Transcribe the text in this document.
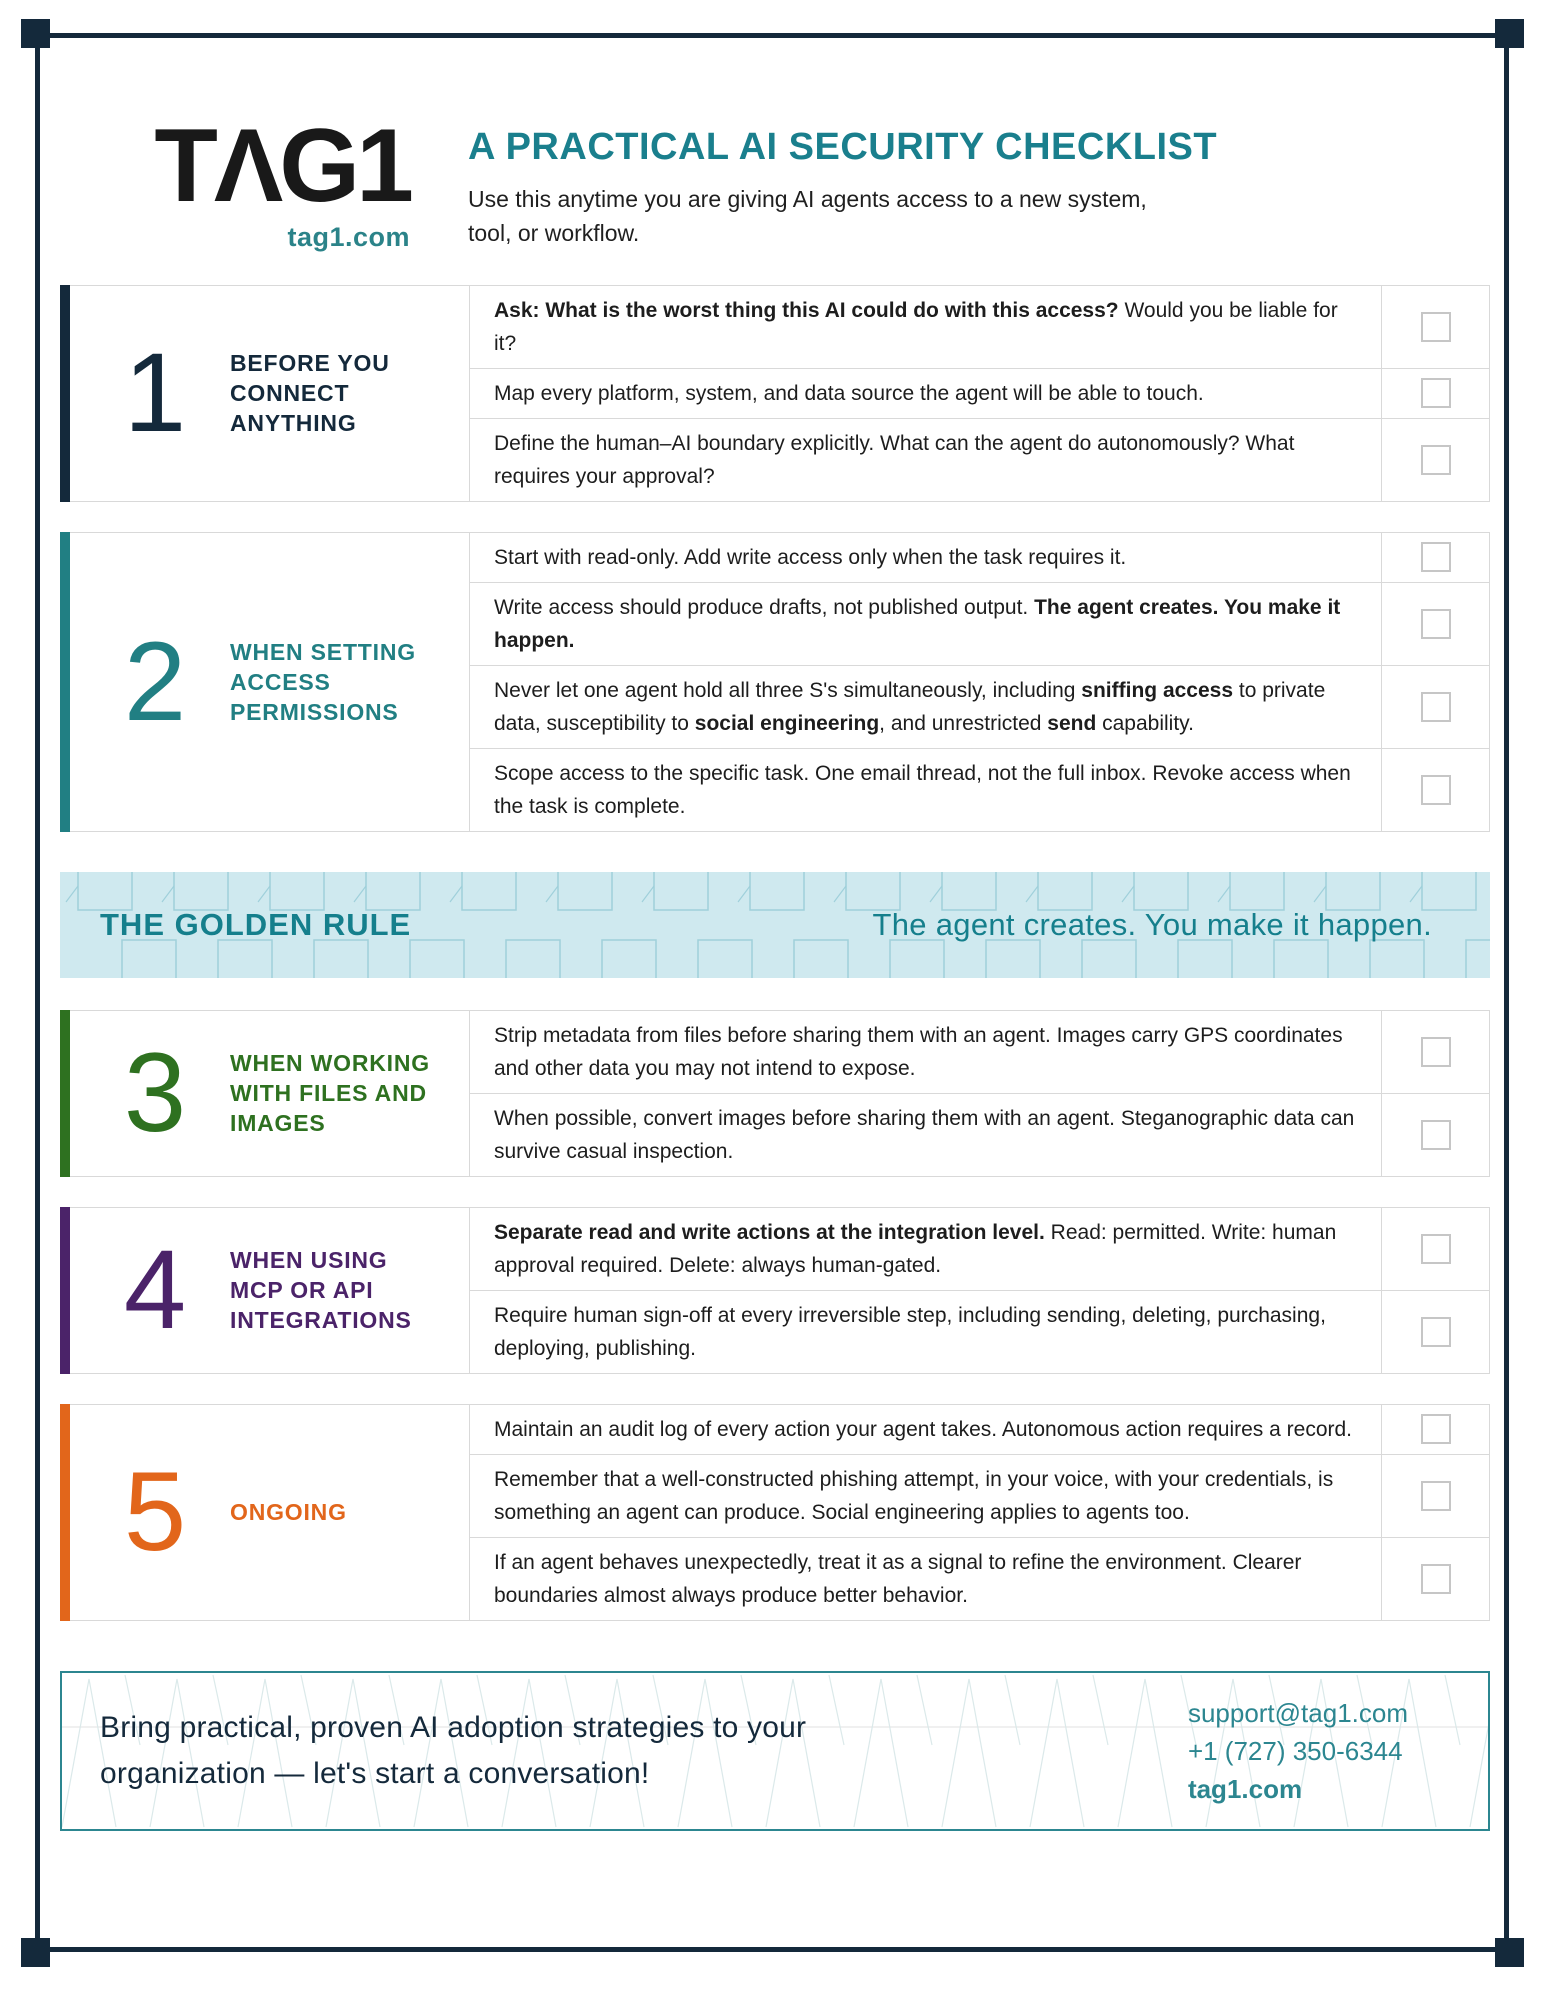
TΛG1
tag1.com
A PRACTICAL AI SECURITY CHECKLIST

Use this anytime you are giving AI agents access to a new system, tool, or workflow.

1	BEFORE YOU CONNECT ANYTHING
Ask: What is the worst thing this AI could do with this access? Would you be liable for it?
Map every platform, system, and data source the agent will be able to touch.
Define the human–AI boundary explicitly. What can the agent do autonomously? What requires your approval?
2	WHEN SETTING ACCESS PERMISSIONS
Start with read-only. Add write access only when the task requires it.
Write access should produce drafts, not published output. The agent creates. You make it happen.
Never let one agent hold all three S's simultaneously, including sniffing access to private data, susceptibility to social engineering, and unrestricted send capability.
Scope access to the specific task. One email thread, not the full inbox. Revoke access when the task is complete.
THE GOLDEN RULE	The agent creates. You make it happen.
3	WHEN WORKING WITH FILES AND IMAGES
Strip metadata from files before sharing them with an agent. Images carry GPS coordinates and other data you may not intend to expose.
When possible, convert images before sharing them with an agent. Steganographic data can survive casual inspection.
4	WHEN USING MCP OR API INTEGRATIONS
Separate read and write actions at the integration level. Read: permitted. Write: human approval required. Delete: always human-gated.
Require human sign-off at every irreversible step, including sending, deleting, purchasing, deploying, publishing.
5	ONGOING
Maintain an audit log of every action your agent takes. Autonomous action requires a record.
Remember that a well-constructed phishing attempt, in your voice, with your credentials, is something an agent can produce. Social engineering applies to agents too.
If an agent behaves unexpectedly, treat it as a signal to refine the environment. Clearer boundaries almost always produce better behavior.
Bring practical, proven AI adoption strategies to your organization — let's start a conversation!
support@tag1.com
+1 (727) 350-6344
tag1.com
